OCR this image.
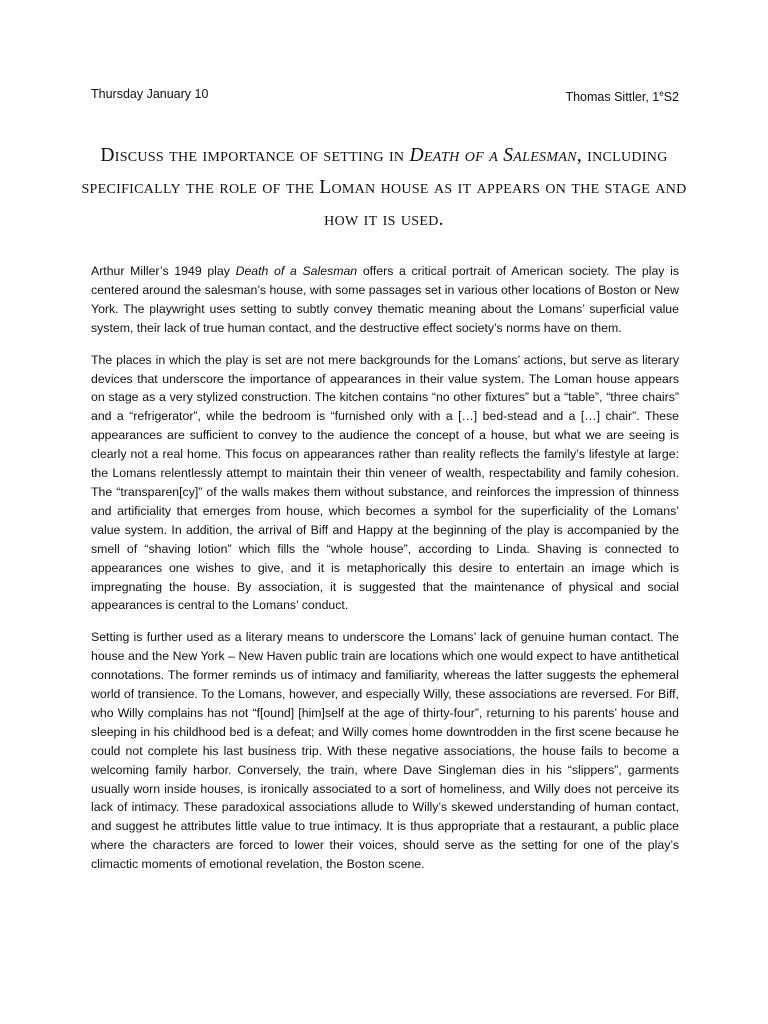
Thursday January 10	Thomas Sittler, 1eS2
Discuss the importance of setting in Death of a Salesman, including specifically the role of the Loman house as it appears on the stage and how it is used.

Arthur Miller’s 1949 play Death of a Salesman offers a critical portrait of American society. The play is centered around the salesman’s house, with some passages set in various other locations of Boston or New York. The playwright uses setting to subtly convey thematic meaning about the Lomans’ superficial value system, their lack of true human contact, and the destructive effect society’s norms have on them.

The places in which the play is set are not mere backgrounds for the Lomans’ actions, but serve as literary devices that underscore the importance of appearances in their value system. The Loman house appears on stage as a very stylized construction. The kitchen contains “no other fixtures” but a “table”, “three chairs” and a “refrigerator”, while the bedroom is “furnished only with a […] bed-stead and a […] chair”. These appearances are sufficient to convey to the audience the concept of a house, but what we are seeing is clearly not a real home. This focus on appearances rather than reality reflects the family’s lifestyle at large: the Lomans relentlessly attempt to maintain their thin veneer of wealth, respectability and family cohesion. The “transparen[cy]” of the walls makes them without substance, and reinforces the impression of thinness and artificiality that emerges from house, which becomes a symbol for the superficiality of the Lomans’ value system. In addition, the arrival of Biff and Happy at the beginning of the play is accompanied by the smell of “shaving lotion” which fills the “whole house”, according to Linda. Shaving is connected to appearances one wishes to give, and it is metaphorically this desire to entertain an image which is impregnating the house. By association, it is suggested that the maintenance of physical and social appearances is central to the Lomans’ conduct.

Setting is further used as a literary means to underscore the Lomans’ lack of genuine human contact. The house and the New York – New Haven public train are locations which one would expect to have antithetical connotations. The former reminds us of intimacy and familiarity, whereas the latter suggests the ephemeral world of transience. To the Lomans, however, and especially Willy, these associations are reversed. For Biff, who Willy complains has not “f[ound] [him]self at the age of thirty-four”, returning to his parents’ house and sleeping in his childhood bed is a defeat; and Willy comes home downtrodden in the first scene because he could not complete his last business trip. With these negative associations, the house fails to become a welcoming family harbor. Conversely, the train, where Dave Singleman dies in his “slippers”, garments usually worn inside houses, is ironically associated to a sort of homeliness, and Willy does not perceive its lack of intimacy. These paradoxical associations allude to Willy’s skewed understanding of human contact, and suggest he attributes little value to true intimacy. It is thus appropriate that a restaurant, a public place where the characters are forced to lower their voices, should serve as the setting for one of the play’s climactic moments of emotional revelation, the Boston scene.
